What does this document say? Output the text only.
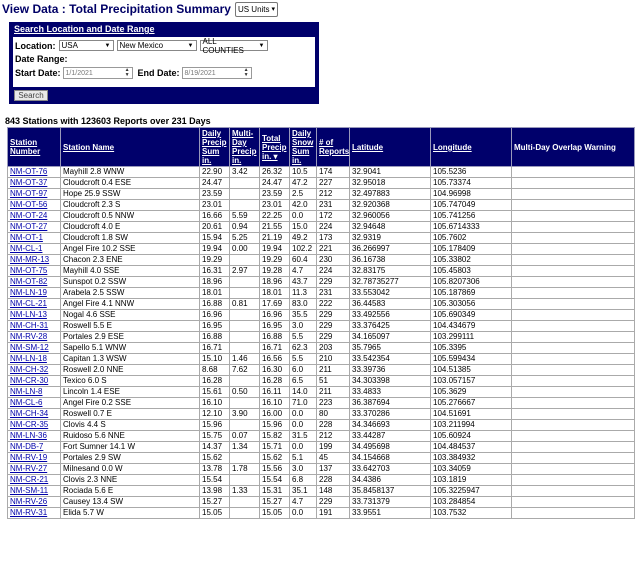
View Data : Total Precipitation Summary US Units ▾
Search Location and Date Range
Location: USA	▼ New Mexico	▼ ALL COUNTIES	▼
Date Range:
Start Date: 1/1/2021	▲
▼ End Date: 8/19/2021	▲
▼
Search
843 Stations with 123603 Reports over 231 Days
Station Number	Station Name	Daily Precip Sum in.	Multi-Day Precip in.	Total Precip in. ▾	Daily Snow Sum in.	# of Reports	Latitude	Longitude	Multi-Day Overlap Warning
NM-OT-76	Mayhill 2.8 WNW	22.90	3.42	26.32	10.5	174	32.9041	105.5236	
NM-OT-37	Cloudcroft 0.4 ESE	24.47		24.47	47.2	227	32.95018	105.73374	
NM-OT-97	Hope 25.9 SSW	23.59		23.59	2.5	212	32.497883	104.96998	
NM-OT-56	Cloudcroft 2.3 S	23.01		23.01	42.0	231	32.920368	105.747049	
NM-OT-24	Cloudcroft 0.5 NNW	16.66	5.59	22.25	0.0	172	32.960056	105.741256	
NM-OT-27	Cloudcroft 4.0 E	20.61	0.94	21.55	15.0	224	32.94648	105.6714333	
NM-OT-1	Cloudcroft 1.8 SW	15.94	5.25	21.19	49.2	173	32.9319	105.7602	
NM-CL-1	Angel Fire 10.2 SSE	19.94	0.00	19.94	102.2	221	36.266997	105.178409	
NM-MR-13	Chacon 2.3 ENE	19.29		19.29	60.4	230	36.16738	105.33802	
NM-OT-75	Mayhill 4.0 SSE	16.31	2.97	19.28	4.7	224	32.83175	105.45803	
NM-OT-82	Sunspot 0.2 SSW	18.96		18.96	43.7	229	32.78735277	105.8207306	
NM-LN-19	Arabela 2.5 SSW	18.01		18.01	11.3	231	33.553042	105.187869	
NM-CL-21	Angel Fire 4.1 NNW	16.88	0.81	17.69	83.0	222	36.44583	105.303056	
NM-LN-13	Nogal 4.6 SSE	16.96		16.96	35.5	229	33.492556	105.690349	
NM-CH-31	Roswell 5.5 E	16.95		16.95	3.0	229	33.376425	104.434679	
NM-RV-28	Portales 2.9 ESE	16.88		16.88	5.5	229	34.165097	103.299111	
NM-SM-12	Sapello 5.1 WNW	16.71		16.71	62.3	203	35.7965	105.3395	
NM-LN-18	Capitan 1.3 WSW	15.10	1.46	16.56	5.5	210	33.542354	105.599434	
NM-CH-32	Roswell 2.0 NNE	8.68	7.62	16.30	6.0	211	33.39736	104.51385	
NM-CR-30	Texico 6.0 S	16.28		16.28	6.5	51	34.303398	103.057157	
NM-LN-8	Lincoln 1.4 ESE	15.61	0.50	16.11	14.0	211	33.4833	105.3629	
NM-CL-6	Angel Fire 0.2 SSE	16.10		16.10	71.0	223	36.387694	105.276667	
NM-CH-34	Roswell 0.7 E	12.10	3.90	16.00	0.0	80	33.370286	104.51691	
NM-CR-35	Clovis 4.4 S	15.96		15.96	0.0	228	34.346693	103.211994	
NM-LN-36	Ruidoso 5.6 NNE	15.75	0.07	15.82	31.5	212	33.44287	105.60924	
NM-DB-7	Fort Sumner 14.1 W	14.37	1.34	15.71	0.0	199	34.495698	104.484537	
NM-RV-19	Portales 2.9 SW	15.62		15.62	5.1	45	34.154668	103.384932	
NM-RV-27	Milnesand 0.0 W	13.78	1.78	15.56	3.0	137	33.642703	103.34059	
NM-CR-21	Clovis 2.3 NNE	15.54		15.54	6.8	228	34.4386	103.1819	
NM-SM-11	Rociada 5.6 E	13.98	1.33	15.31	35.1	148	35.8458137	105.3225947	
NM-RV-26	Causey 13.4 SW	15.27		15.27	4.7	229	33.731379	103.284854	
NM-RV-31	Elida 5.7 W	15.05		15.05	0.0	191	33.9551	103.7532	
